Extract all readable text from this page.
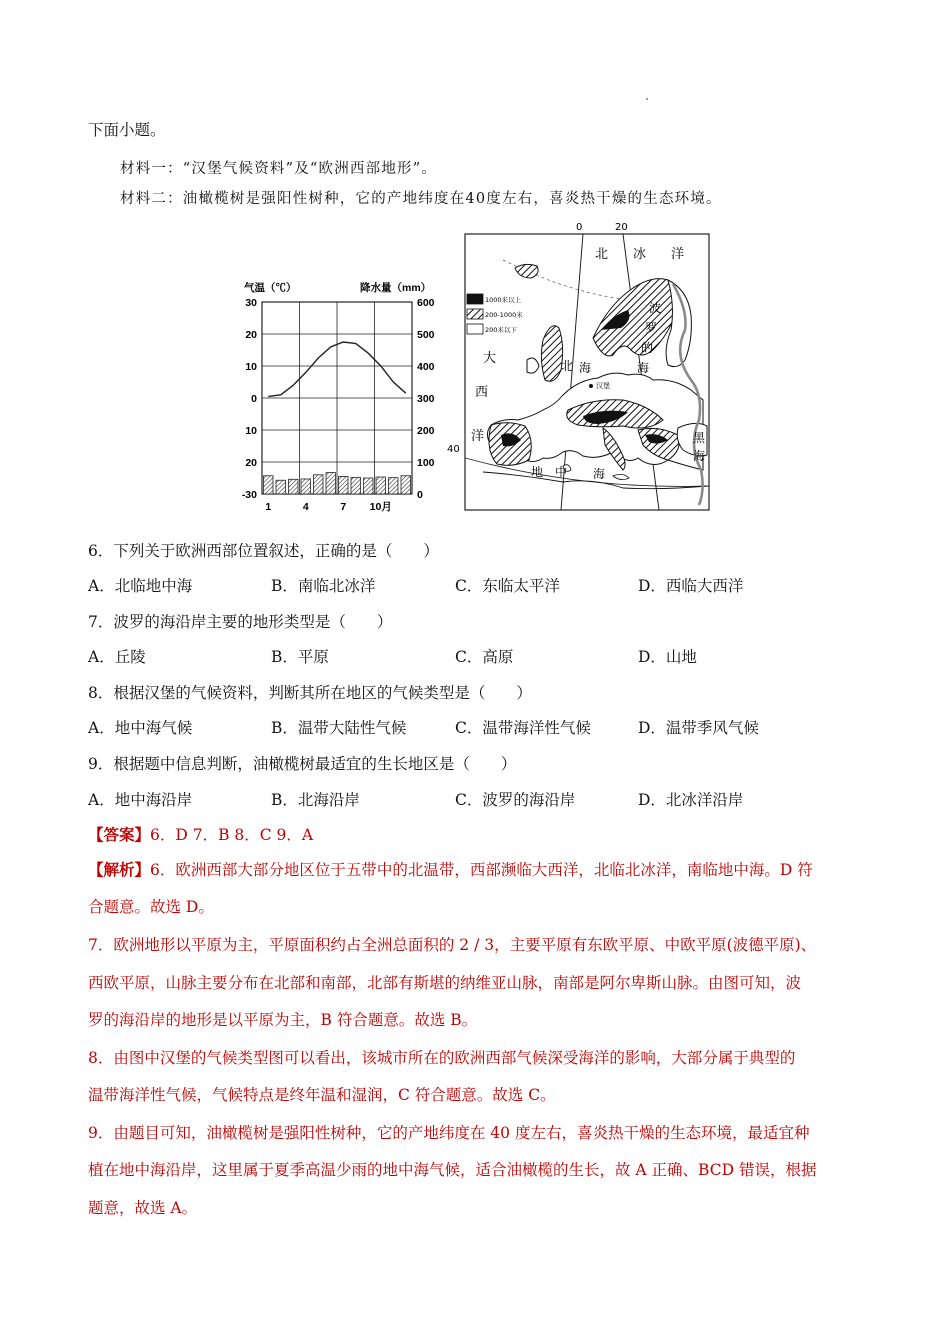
下面小题。
材料一：“汉堡气候资料”及“欧洲西部地形”。
材料二：油橄榄树是强阳性树种，它的产地纬度在40度左右，喜炎热干燥的生态环境。
气温（℃）	降水量（mm）
30
20
10
0
10
20
-30
600
500
400
300
200
100
0
1	4	7 10月
1000米以上
200-1000米
200米以下
0	20
40
北 冰 洋
大
西
洋
北 海
波
罗
的
海
汉堡
地 中 海
黑
海
6．下列关于欧洲西部位置叙述，正确的是（　　）
A．北临地中海	B．南临北冰洋	C．东临太平洋	D．西临大西洋
7．波罗的海沿岸主要的地形类型是（　　）
A．丘陵	B．平原	C．高原	D．山地
8．根据汉堡的气候资料，判断其所在地区的气候类型是（　　）
A．地中海气候	B．温带大陆性气候	C．温带海洋性气候	D．温带季风气候
9．根据题中信息判断，油橄榄树最适宜的生长地区是（　　）
A．地中海沿岸	B．北海沿岸	C．波罗的海沿岸	D．北冰洋沿岸
【答案】6．D 7．B 8．C 9．A
【解析】6．欧洲西部大部分地区位于五带中的北温带，西部濒临大西洋，北临北冰洋，南临地中海。D 符
合题意。故选 D。
7．欧洲地形以平原为主，平原面积约占全洲总面积的 2 / 3，主要平原有东欧平原、中欧平原(波德平原)、
西欧平原，山脉主要分布在北部和南部，北部有斯堪的纳维亚山脉，南部是阿尔卑斯山脉。由图可知，波
罗的海沿岸的地形是以平原为主，B 符合题意。故选 B。
8．由图中汉堡的气候类型图可以看出，该城市所在的欧洲西部气候深受海洋的影响，大部分属于典型的
温带海洋性气候，气候特点是终年温和湿润，C 符合题意。故选 C。
9．由题目可知，油橄榄树是强阳性树种，它的产地纬度在 40 度左右，喜炎热干燥的生态环境，最适宜种
植在地中海沿岸，这里属于夏季高温少雨的地中海气候，适合油橄榄的生长，故 A 正确、BCD 错误，根据
题意，故选 A。
